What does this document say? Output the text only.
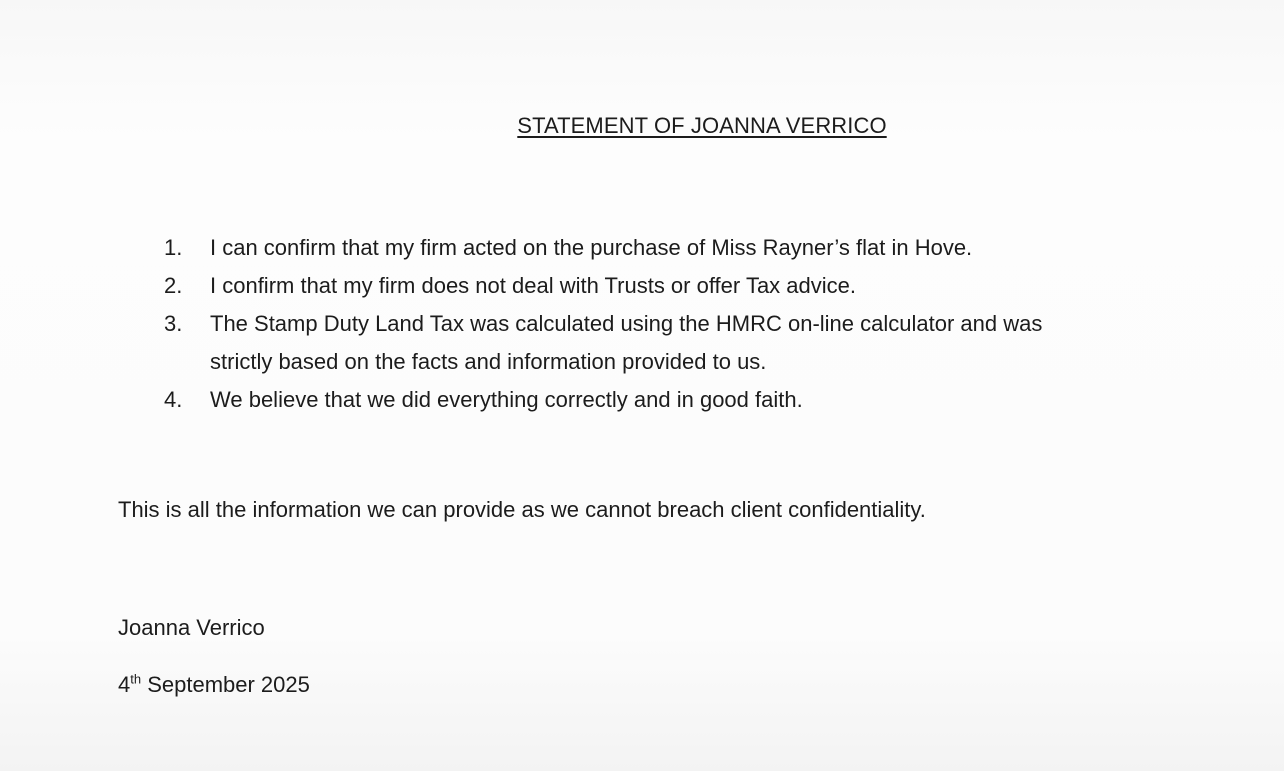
STATEMENT OF JOANNA VERRICO
1.	I can confirm that my firm acted on the purchase of Miss Rayner’s flat in Hove.
2.	I confirm that my firm does not deal with Trusts or offer Tax advice.
3.	The Stamp Duty Land Tax was calculated using the HMRC on-line calculator and was
strictly based on the facts and information provided to us.
4.	We believe that we did everything correctly and in good faith.
This is all the information we can provide as we cannot breach client confidentiality.
Joanna Verrico
4th September 2025
